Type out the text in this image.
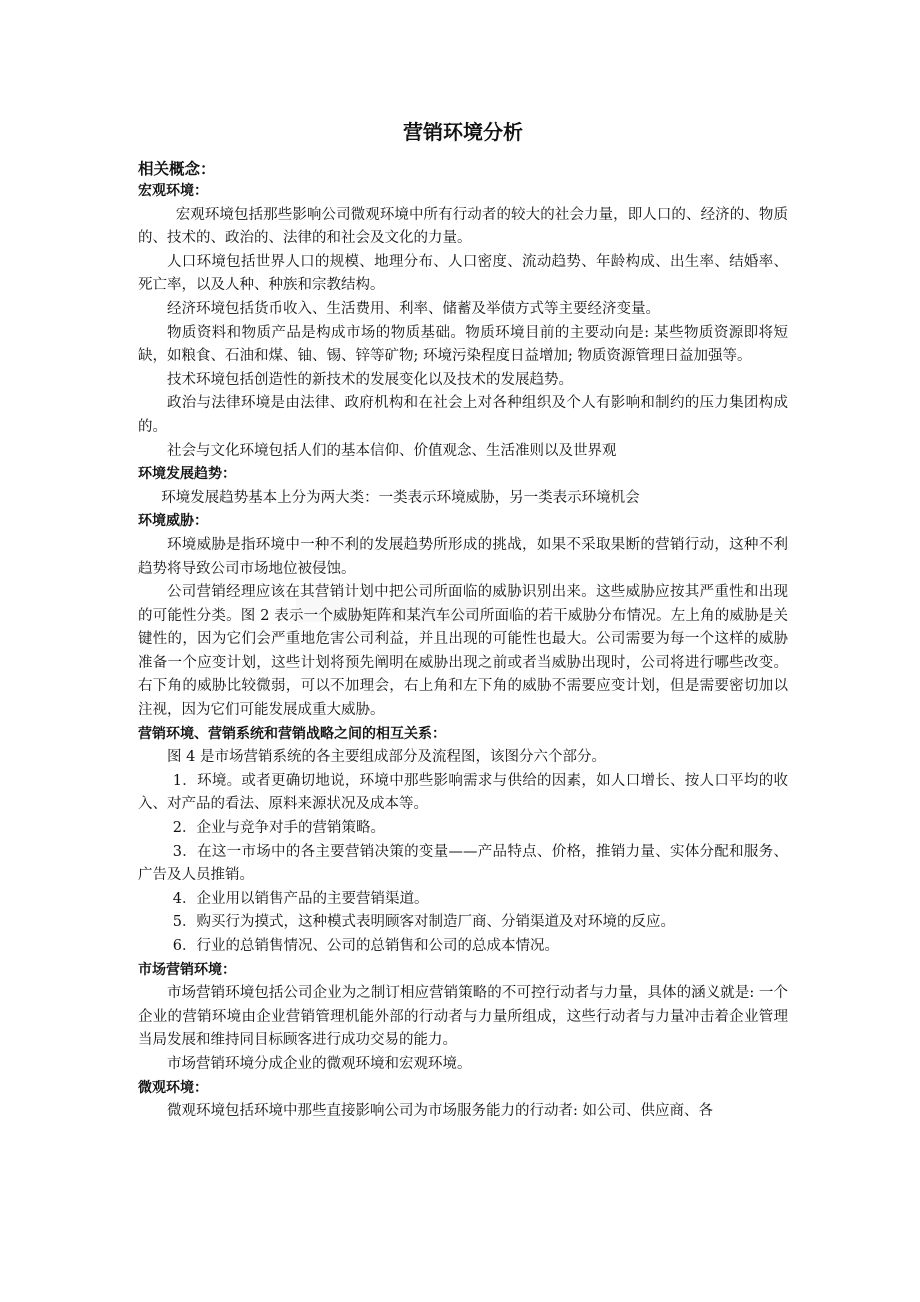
营销环境分析
相关概念：
宏观环境：

宏观环境包括那些影响公司微观环境中所有行动者的较大的社会力量，即人口的、经济的、物质的、技术的、政治的、法律的和社会及文化的力量。

人口环境包括世界人口的规模、地理分布、人口密度、流动趋势、年龄构成、出生率、结婚率、死亡率，以及人种、种族和宗教结构。

经济环境包括货币收入、生活费用、利率、储蓄及举债方式等主要经济变量。

物质资料和物质产品是构成市场的物质基础。物质环境目前的主要动向是: 某些物质资源即将短缺，如粮食、石油和煤、铀、锡、锌等矿物; 环境污染程度日益增加; 物质资源管理日益加强等。

技术环境包括创造性的新技术的发展变化以及技术的发展趋势。

政治与法律环境是由法律、政府机构和在社会上对各种组织及个人有影响和制约的压力集团构成的。

社会与文化环境包括人们的基本信仰、价值观念、生活准则以及世界观

环境发展趋势：

环境发展趋势基本上分为两大类：一类表示环境威胁，另一类表示环境机会

环境威胁：

环境威胁是指环境中一种不利的发展趋势所形成的挑战，如果不采取果断的营销行动，这种不利趋势将导致公司市场地位被侵蚀。

公司营销经理应该在其营销计划中把公司所面临的威胁识别出来。这些威胁应按其严重性和出现的可能性分类。图 2 表示一个威胁矩阵和某汽车公司所面临的若干威胁分布情况。左上角的威胁是关键性的，因为它们会严重地危害公司利益，并且出现的可能性也最大。公司需要为每一个这样的威胁准备一个应变计划，这些计划将预先阐明在威胁出现之前或者当威胁出现时，公司将进行哪些改变。右下角的威胁比较微弱，可以不加理会，右上角和左下角的威胁不需要应变计划，但是需要密切加以注视，因为它们可能发展成重大威胁。

营销环境、营销系统和营销战略之间的相互关系：

图 4 是市场营销系统的各主要组成部分及流程图，该图分六个部分。

1．环境。或者更确切地说，环境中那些影响需求与供给的因素，如人口增长、按人口平均的收入、对产品的看法、原料来源状况及成本等。

2．企业与竞争对手的营销策略。

3．在这一市场中的各主要营销决策的变量——产品特点、价格，推销力量、实体分配和服务、广告及人员推销。

4．企业用以销售产品的主要营销渠道。

5．购买行为摸式，这种模式表明顾客对制造厂商、分销渠道及对环境的反应。

6．行业的总销售情况、公司的总销售和公司的总成本情况。

市场营销环境：

市场营销环境包括公司企业为之制订相应营销策略的不可控行动者与力量，具体的涵义就是: 一个企业的营销环境由企业营销管理机能外部的行动者与力量所组成，这些行动者与力量冲击着企业管理当局发展和维持同目标顾客进行成功交易的能力。

市场营销环境分成企业的微观环境和宏观环境。

微观环境：

微观环境包括环境中那些直接影响公司为市场服务能力的行动者: 如公司、供应商、各
